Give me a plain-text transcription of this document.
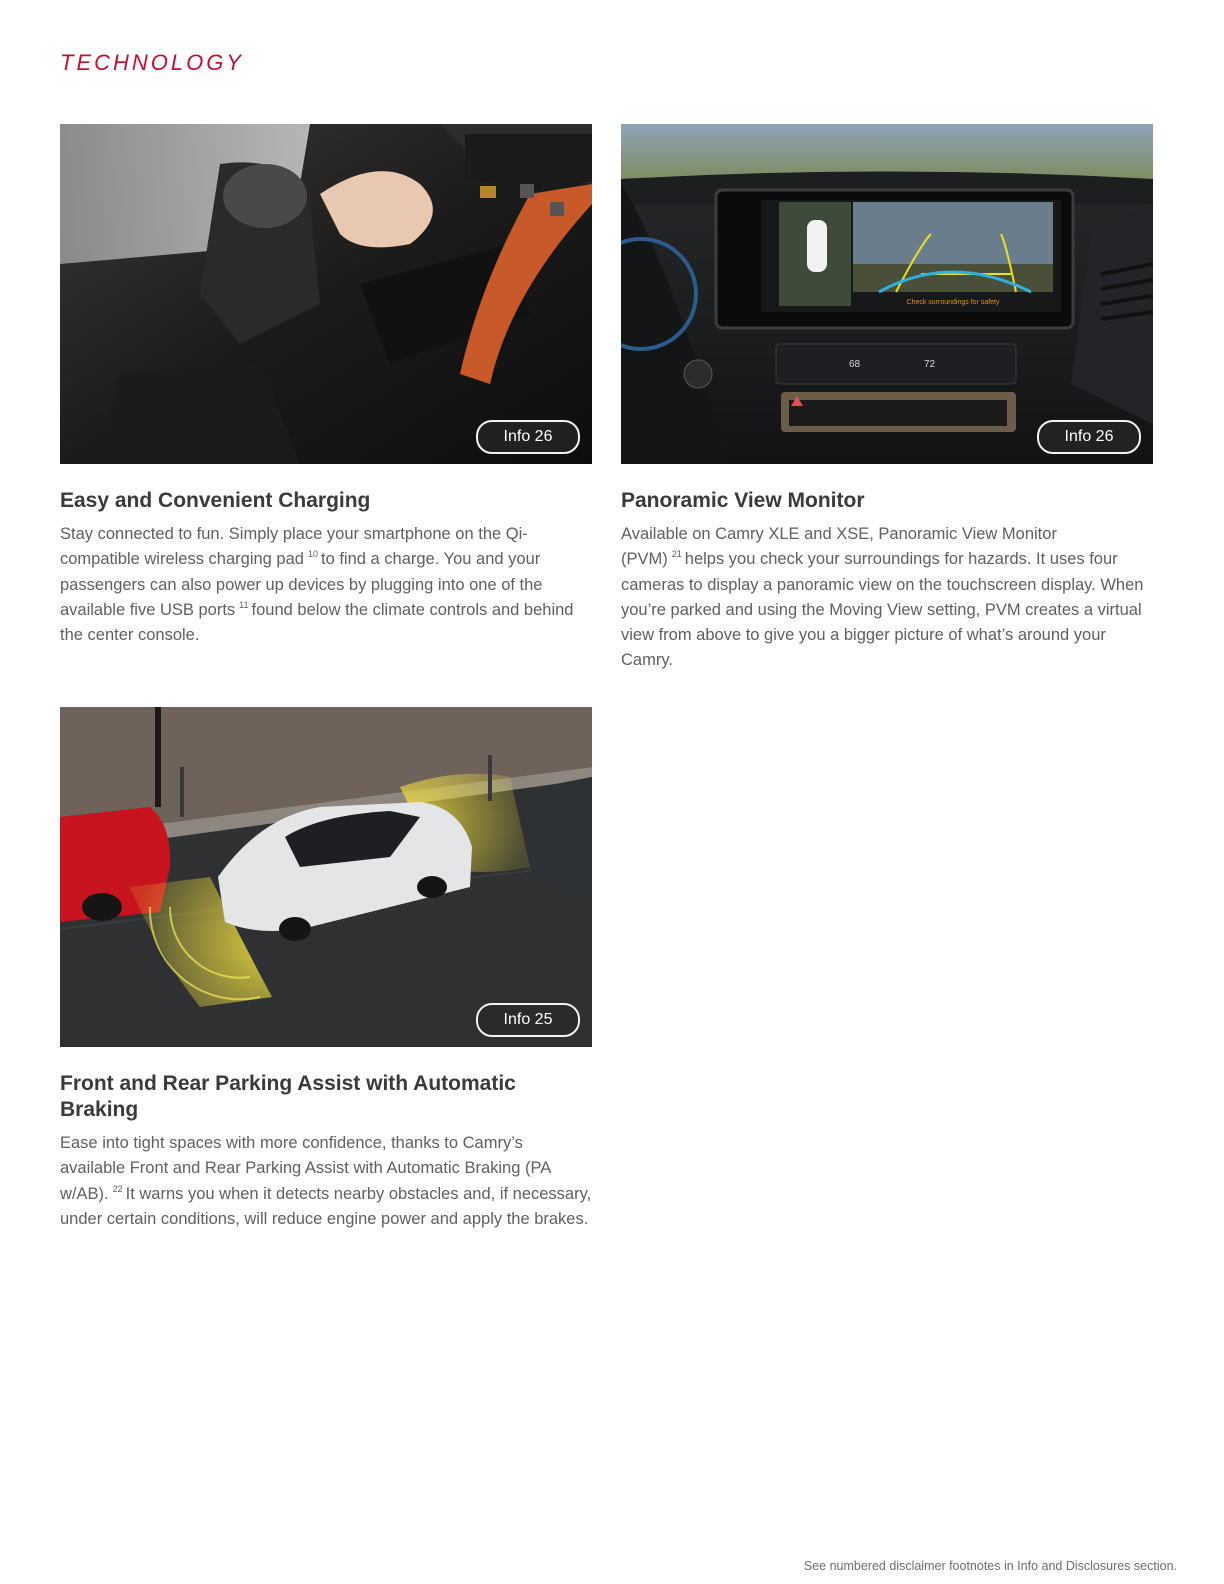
TECHNOLOGY
Info 26
Easy and Convenient Charging

Stay connected to fun. Simply place your smartphone on the Qi-compatible wireless charging pad $^{10}$ to find a charge. You and your passengers can also power up devices by plugging into one of the available five USB ports $^{11}$ found below the climate controls and behind the center console.

Check surroundings for safety
68	72
Info 26
Panoramic View Monitor

Available on Camry XLE and XSE, Panoramic View Monitor (PVM) $^{21}$ helps you check your surroundings for hazards. It uses four cameras to display a panoramic view on the touchscreen display. When you’re parked and using the Moving View setting, PVM creates a virtual view from above to give you a bigger picture of what’s around your Camry.

Info 25
Front and Rear Parking Assist with Automatic Braking

Ease into tight spaces with more confidence, thanks to Camry’s available Front and Rear Parking Assist with Automatic Braking (PA w/AB). $^{22}$ It warns you when it detects nearby obstacles and, if necessary, under certain conditions, will reduce engine power and apply the brakes.

See numbered disclaimer footnotes in Info and Disclosures section.
